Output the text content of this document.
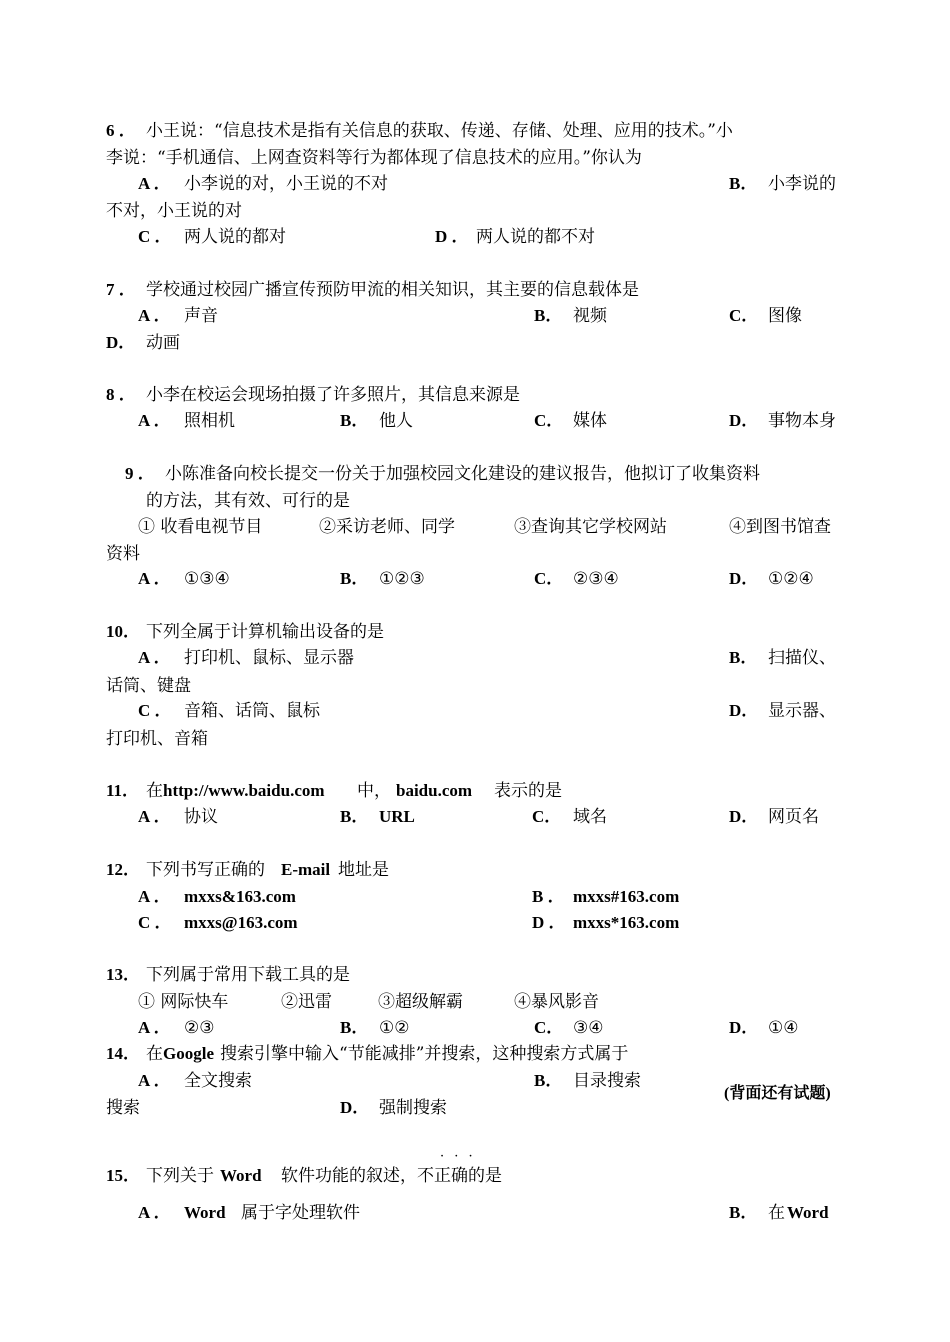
6 ． 小王说：“信息技术是指有关信息的获取、传递、存储、处理、应用的技术。”小
李说：“手机通信、上网查资料等行为都体现了信息技术的应用。”你认为
A ． 小李说的对，小王说的不对	B． 小李说的
不对，小王说的对
C ． 两人说的都对	D ． 两人说的都不对
7 ． 学校通过校园广播宣传预防甲流的相关知识，其主要的信息载体是
A ． 声音	B． 视频	C． 图像
D． 动画
8 ． 小李在校运会现场拍摄了许多照片，其信息来源是
A ． 照相机	B． 他人	C． 媒体	D． 事物本身
9 ． 小陈准备向校长提交一份关于加强校园文化建设的建议报告，他拟订了收集资料
的方法，其有效、可行的是
① 收看电视节目	②采访老师、同学	③查询其它学校网站	④到图书馆查
资料
A ． ①③④	B． ①②③	C． ②③④	D． ①②④
10． 下列全属于计算机输出设备的是
A ． 打印机、鼠标、显示器	B． 扫描仪、
话筒、键盘
C ． 音箱、话筒、鼠标	D． 显示器、
打印机、音箱
11． 在 http://www.baidu.com 中， baidu.com 表示的是
A ． 协议	B． URL	C． 域名	D． 网页名
12． 下列书写正确的 E-mail 地址是
A ． mxxs&163.com	B ． mxxs#163.com
C ． mxxs@163.com	D ． mxxs*163.com
13． 下列属于常用下载工具的是
① 网际快车	②迅雷	③超级解霸	④暴风影音
A ． ②③	B． ①②	C． ③④	D． ①④
14． 在 Google 搜索引擎中输入“节能减排”并搜索，这种搜索方式属于
A ． 全文搜索	B． 目录搜索
搜索	D． 强制搜索
(背面还有试题)
· · ·
15． 下列关于 Word 软件功能的叙述，不正确的是
A ． Word 属于字处理软件	B． 在 Word
